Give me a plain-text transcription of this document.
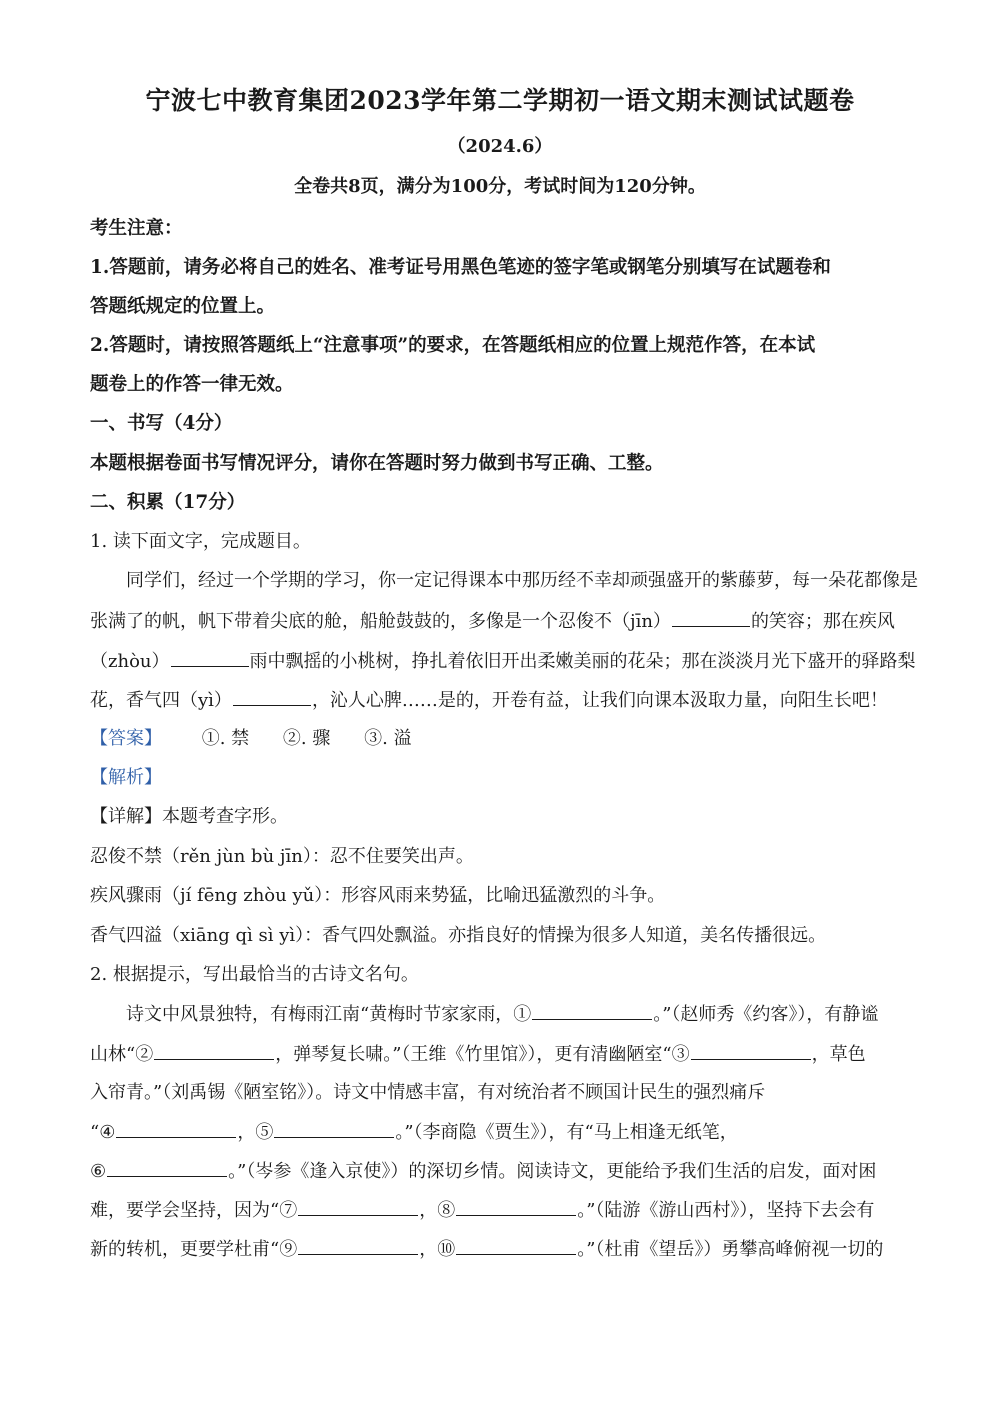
宁波七中教育集团2023学年第二学期初一语文期末测试试题卷
（2024.6）
全卷共8页，满分为100分，考试时间为120分钟。
考生注意：
1.答题前，请务必将自己的姓名、准考证号用黑色笔迹的签字笔或钢笔分别填写在试题卷和
答题纸规定的位置上。
2.答题时，请按照答题纸上“注意事项”的要求，在答题纸相应的位置上规范作答，在本试
题卷上的作答一律无效。
一、书写（4分）
本题根据卷面书写情况评分，请你在答题时努力做到书写正确、工整。
二、积累（17分）
1. 读下面文字，完成题目。
同学们，经过一个学期的学习，你一定记得课本中那历经不幸却顽强盛开的紫藤萝，每一朵花都像是
张满了的帆，帆下带着尖底的舱，船舱鼓鼓的，多像是一个忍俊不（jīn）	的笑容；那在疾风
（zhòu）	雨中飘摇的小桃树，挣扎着依旧开出柔嫩美丽的花朵；那在淡淡月光下盛开的驿路梨
花，香气四（yì）	，沁人心脾……是的，开卷有益，让我们向课本汲取力量，向阳生长吧！
【答案】 ①. 禁 ②. 骤 ③. 溢
【解析】
【详解】本题考查字形。
忍俊不禁（rěn jùn bù jīn）：忍不住要笑出声。
疾风骤雨（jí fēng zhòu yǔ）：形容风雨来势猛，比喻迅猛激烈的斗争。
香气四溢（xiāng qì sì yì）：香气四处飘溢。亦指良好的情操为很多人知道，美名传播很远。
2. 根据提示，写出最恰当的古诗文名句。
诗文中风景独特，有梅雨江南“黄梅时节家家雨，①	。”（赵师秀《约客》），有静谧
山林“②	，弹琴复长啸。”（王维《竹里馆》），更有清幽陋室“③	，草色
入帘青。”（刘禹锡《陋室铭》）。诗文中情感丰富，有对统治者不顾国计民生的强烈痛斥
“④	，⑤	。”（李商隐《贾生》），有“马上相逢无纸笔，
⑥	。”（岑参《逢入京使》）的深切乡情。阅读诗文，更能给予我们生活的启发，面对困
难，要学会坚持，因为“⑦	，⑧	。”（陆游《游山西村》），坚持下去会有
新的转机，更要学杜甫“⑨	，⑩	。”（杜甫《望岳》）勇攀高峰俯视一切的
